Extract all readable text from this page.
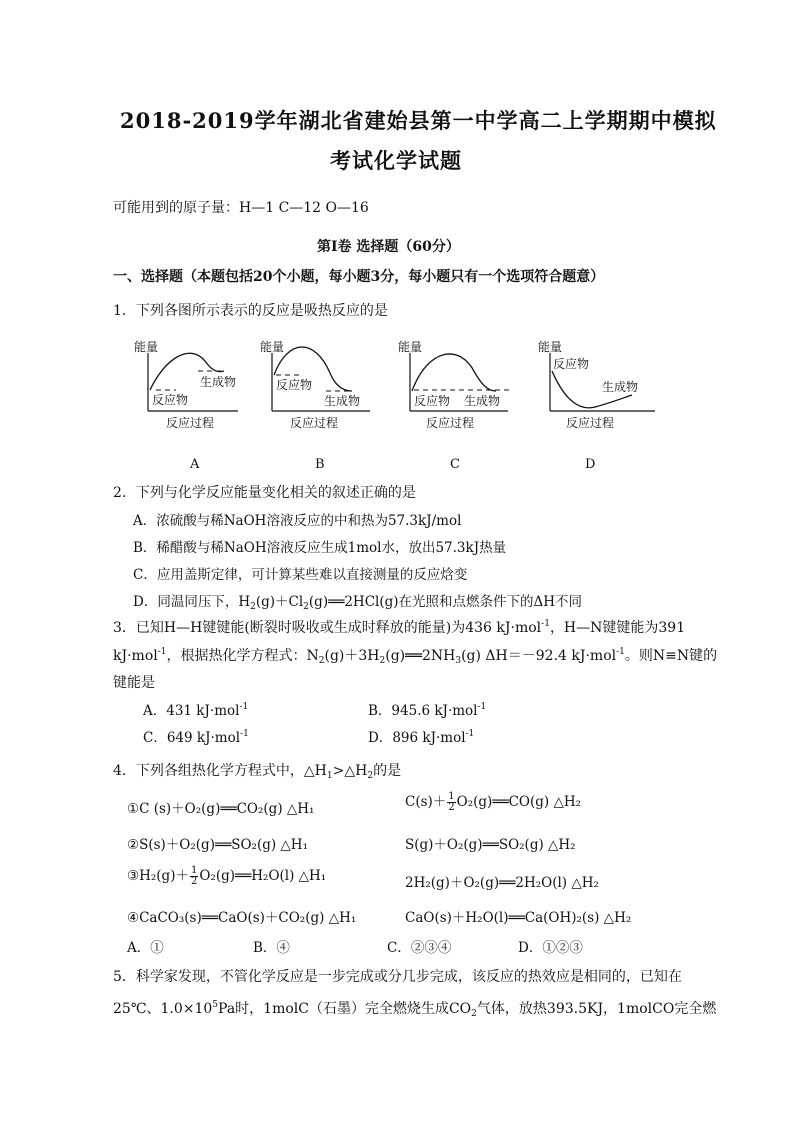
2018-2019学年湖北省建始县第一中学高二上学期期中模拟
考试化学试题
可能用到的原子量：H—1 C—12 O—16
第Ⅰ卷 选择题（60分）
一、选择题（本题包括20个小题，每小题3分，每小题只有一个选项符合题意）
1．下列各图所示表示的反应是吸热反应的是
能量
反应过程
反应物
生成物
能量
反应过程
反应物
生成物
能量
反应过程
反应物 生成物
能量
反应过程
反应物
生成物
A	B	C	D
2．下列与化学反应能量变化相关的叙述正确的是
A．浓硫酸与稀NaOH溶液反应的中和热为57.3kJ/mol
B．稀醋酸与稀NaOH溶液反应生成1mol水，放出57.3kJ热量
C．应用盖斯定律，可计算某些难以直接测量的反应焓变
D．同温同压下，$H_2(g)+Cl_2(g)══2HCl(g)$在光照和点燃条件下的ΔH不同
3．已知H—H键键能(断裂时吸收或生成时释放的能量)为436 kJ·mol$^{-1}$，H—N键键能为391
kJ·mol$^{-1}$，根据热化学方程式：$N_2(g)+3H_2(g)══2NH_3(g)$ ΔH＝－92.4 kJ·mol$^{-1}$。则N≡N键的
键能是
A．431 kJ·mol$^{-1}$	B．945.6 kJ·mol$^{-1}$
C．649 kJ·mol$^{-1}$	D．896 kJ·mol$^{-1}$
4．下列各组热化学方程式中，$\triangle H_1>\triangle H_2$的是
①C (s)＋O₂(g)══CO₂(g) △H₁	$C(s)+ \frac{1}{2}$ O₂(g)══CO(g) △H₂
②S(s)＋O₂(g)══SO₂(g) △H₁	S(g)＋O₂(g)══SO₂(g) △H₂
③H₂(g)＋ $\frac{1}{2}$ O₂(g)══H₂O(l) △H₁	2H₂(g)＋O₂(g)══2H₂O(l) △H₂
④CaCO₃(s)══CaO(s)＋CO₂(g) △H₁	CaO(s)＋H₂O(l)══Ca(OH)₂(s) △H₂
A．①	B．④	C．②③④	D．①②③
5．科学家发现，不管化学反应是一步完成或分几步完成，该反应的热效应是相同的，已知在
25℃、$1.0\times 10^5Pa$时，1molC（石墨）完全燃烧生成$CO_2$气体，放热393.5KJ，1molCO完全燃
